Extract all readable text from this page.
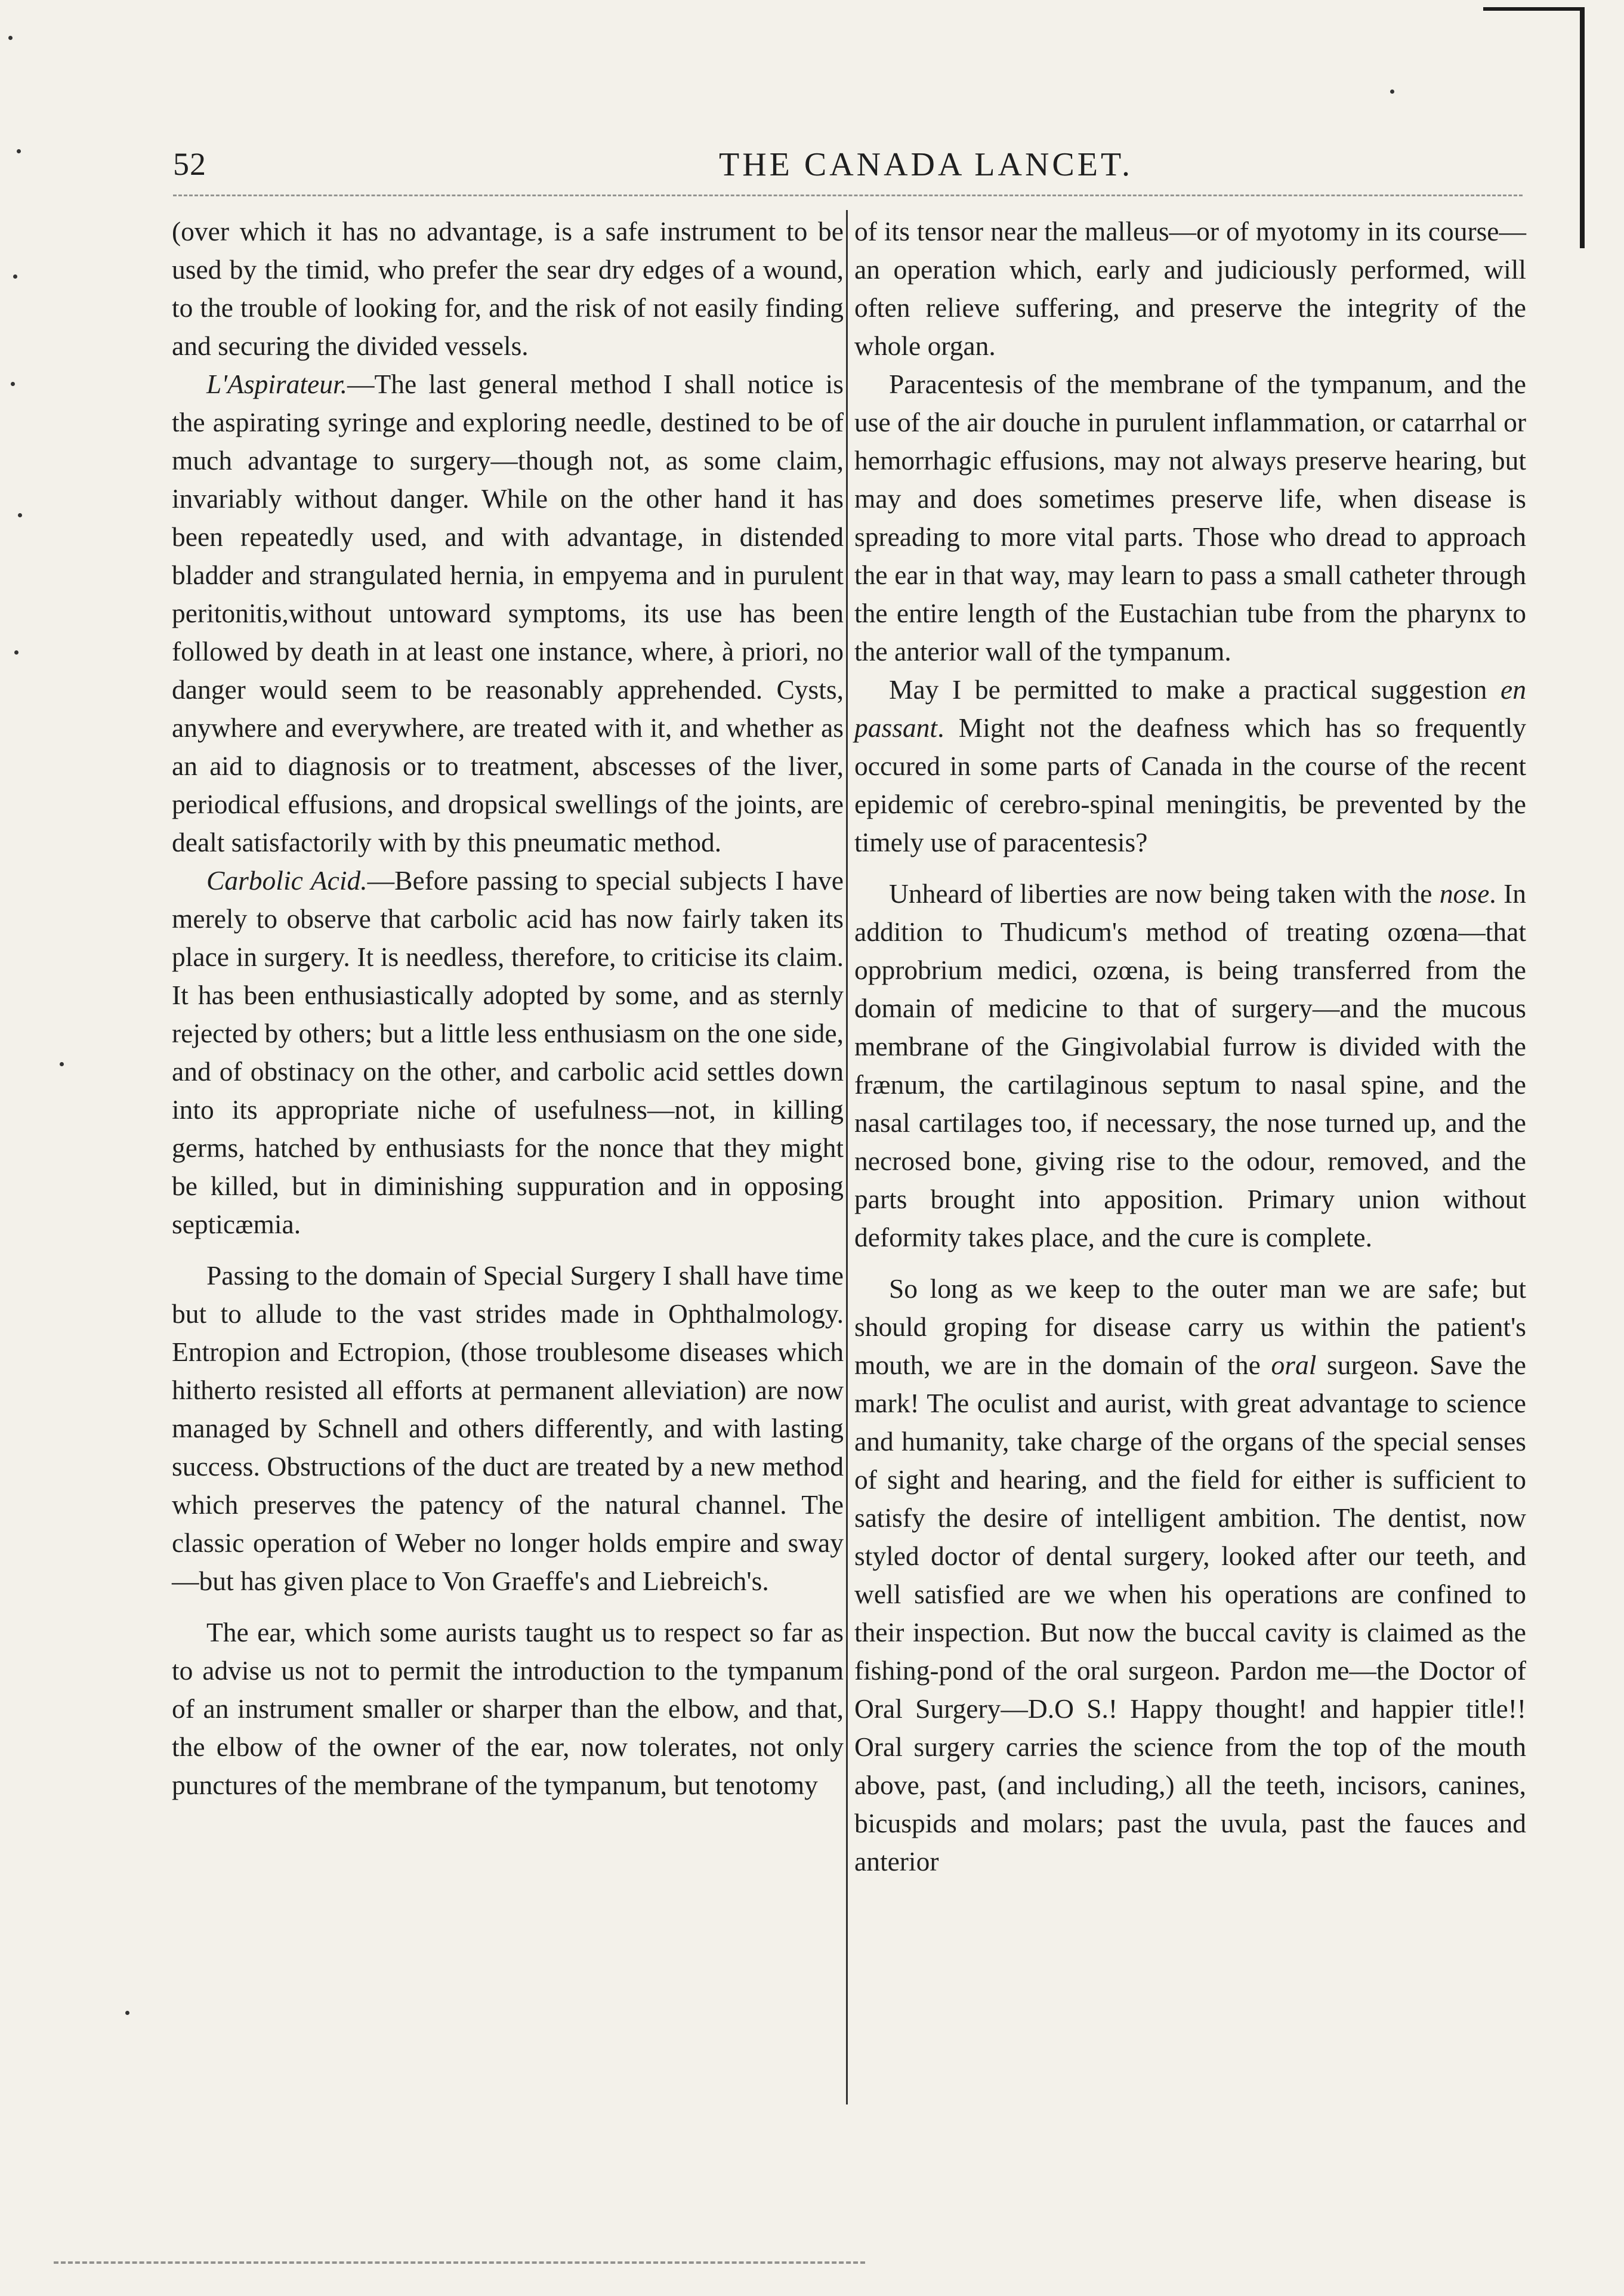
52	THE CANADA LANCET.

(over which it has no advantage, is a safe instrument to be used by the timid, who prefer the sear dry edges of a wound, to the trouble of looking for, and the risk of not easily finding and securing the divided vessels.

L'Aspirateur.—The last general method I shall notice is the aspirating syringe and exploring needle, destined to be of much advantage to surgery—though not, as some claim, invariably without danger. While on the other hand it has been repeatedly used, and with advantage, in distended bladder and strangulated hernia, in empyema and in purulent peritonitis,without untoward symptoms, its use has been followed by death in at least one instance, where, à priori, no danger would seem to be reasonably apprehended. Cysts, anywhere and everywhere, are treated with it, and whether as an aid to diagnosis or to treatment, abscesses of the liver, periodical effusions, and dropsical swellings of the joints, are dealt satisfactorily with by this pneumatic method.

Carbolic Acid.—Before passing to special subjects I have merely to observe that carbolic acid has now fairly taken its place in surgery. It is needless, therefore, to criticise its claim. It has been enthusiastically adopted by some, and as sternly rejected by others; but a little less enthusiasm on the one side, and of obstinacy on the other, and carbolic acid settles down into its appropriate niche of usefulness—not, in killing germs, hatched by enthusiasts for the nonce that they might be killed, but in diminishing suppuration and in opposing septicæmia.

Passing to the domain of Special Surgery I shall have time but to allude to the vast strides made in Ophthalmology. Entropion and Ectropion, (those troublesome diseases which hitherto resisted all efforts at permanent alleviation) are now managed by Schnell and others differently, and with lasting success. Obstructions of the duct are treated by a new method which preserves the patency of the natural channel. The classic operation of Weber no longer holds empire and sway—but has given place to Von Graeffe's and Liebreich's.

The ear, which some aurists taught us to respect so far as to advise us not to permit the introduction to the tympanum of an instrument smaller or sharper than the elbow, and that, the elbow of the owner of the ear, now tolerates, not only punctures of the membrane of the tympanum, but tenotomy

of its tensor near the malleus—or of myotomy in its course—an operation which, early and judiciously performed, will often relieve suffering, and preserve the integrity of the whole organ.

Paracentesis of the membrane of the tympanum, and the use of the air douche in purulent inflammation, or catarrhal or hemorrhagic effusions, may not always preserve hearing, but may and does sometimes preserve life, when disease is spreading to more vital parts. Those who dread to approach the ear in that way, may learn to pass a small catheter through the entire length of the Eustachian tube from the pharynx to the anterior wall of the tympanum.

May I be permitted to make a practical suggestion en passant. Might not the deafness which has so frequently occured in some parts of Canada in the course of the recent epidemic of cerebro-spinal meningitis, be prevented by the timely use of paracentesis?

Unheard of liberties are now being taken with the nose. In addition to Thudicum's method of treating ozœna—that opprobrium medici, ozœna, is being transferred from the domain of medicine to that of surgery—and the mucous membrane of the Gingivolabial furrow is divided with the frænum, the cartilaginous septum to nasal spine, and the nasal cartilages too, if necessary, the nose turned up, and the necrosed bone, giving rise to the odour, removed, and the parts brought into apposition. Primary union without deformity takes place, and the cure is complete.

So long as we keep to the outer man we are safe; but should groping for disease carry us within the patient's mouth, we are in the domain of the oral surgeon. Save the mark! The oculist and aurist, with great advantage to science and humanity, take charge of the organs of the special senses of sight and hearing, and the field for either is sufficient to satisfy the desire of intelligent ambition. The dentist, now styled doctor of dental surgery, looked after our teeth, and well satisfied are we when his operations are confined to their inspection. But now the buccal cavity is claimed as the fishing-pond of the oral surgeon. Pardon me—the Doctor of Oral Surgery—D.O S.! Happy thought! and happier title!! Oral surgery carries the science from the top of the mouth above, past, (and including,) all the teeth, incisors, canines, bicuspids and molars; past the uvula, past the fauces and anterior
